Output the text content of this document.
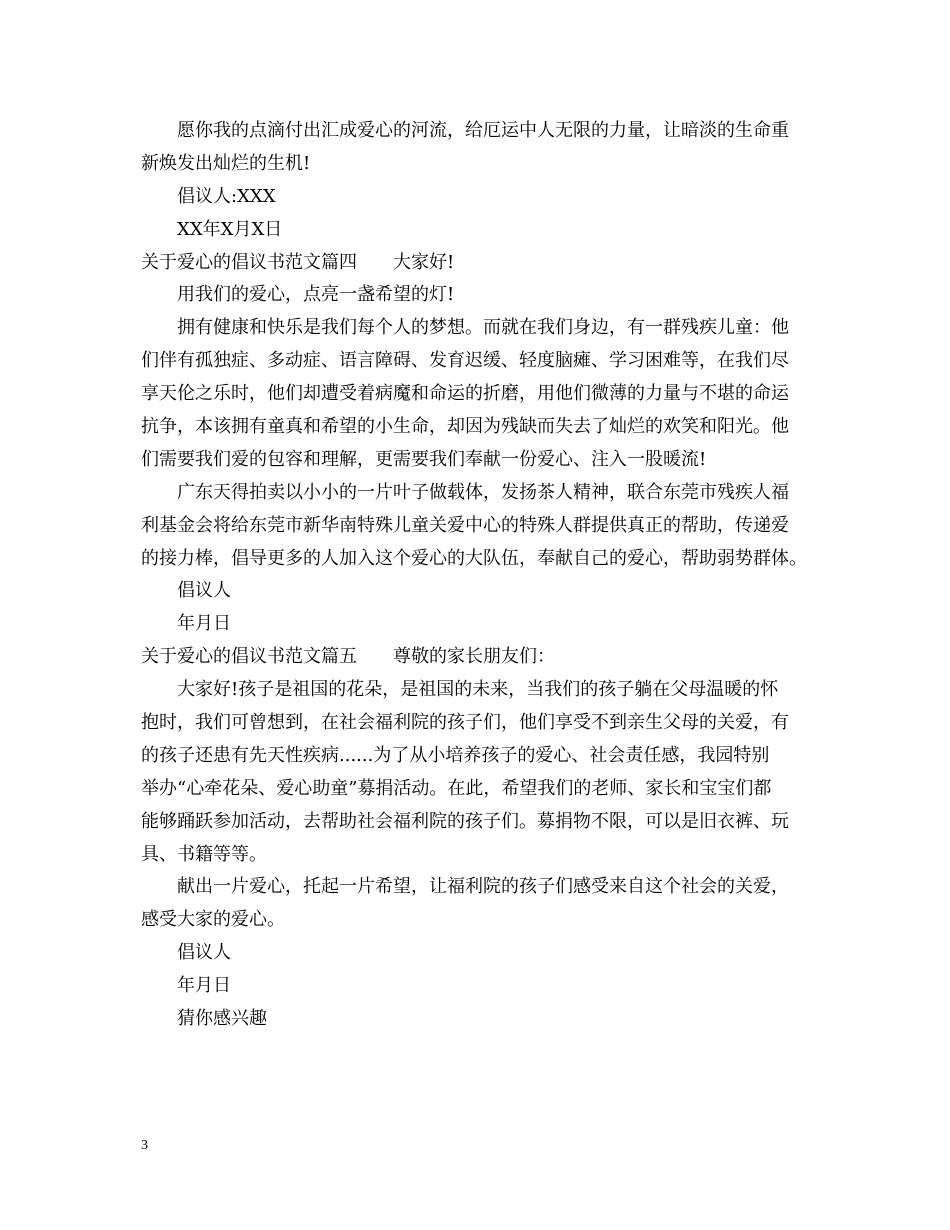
愿你我的点滴付出汇成爱心的河流，给厄运中人无限的力量，让暗淡的生命重
新焕发出灿烂的生机!
倡议人:XXX
XX年X月X日
关于爱心的倡议书范文篇四 大家好!
用我们的爱心，点亮一盏希望的灯!
拥有健康和快乐是我们每个人的梦想。而就在我们身边，有一群残疾儿童：他
们伴有孤独症、多动症、语言障碍、发育迟缓、轻度脑瘫、学习困难等，在我们尽
享天伦之乐时，他们却遭受着病魔和命运的折磨，用他们微薄的力量与不堪的命运
抗争，本该拥有童真和希望的小生命，却因为残缺而失去了灿烂的欢笑和阳光。他
们需要我们爱的包容和理解，更需要我们奉献一份爱心、注入一股暖流!
广东天得拍卖以小小的一片叶子做载体，发扬茶人精神，联合东莞市残疾人福
利基金会将给东莞市新华南特殊儿童关爱中心的特殊人群提供真正的帮助，传递爱
的接力棒，倡导更多的人加入这个爱心的大队伍，奉献自己的爱心，帮助弱势群体。
倡议人
年月日
关于爱心的倡议书范文篇五 尊敬的家长朋友们：
大家好!孩子是祖国的花朵，是祖国的未来，当我们的孩子躺在父母温暖的怀
抱时，我们可曾想到，在社会福利院的孩子们，他们享受不到亲生父母的关爱，有
的孩子还患有先天性疾病......为了从小培养孩子的爱心、社会责任感，我园特别
举办“心牵花朵、爱心助童”募捐活动。在此，希望我们的老师、家长和宝宝们都
能够踊跃参加活动，去帮助社会福利院的孩子们。募捐物不限，可以是旧衣裤、玩
具、书籍等等。
献出一片爱心，托起一片希望，让福利院的孩子们感受来自这个社会的关爱，
感受大家的爱心。
倡议人
年月日
猜你感兴趣
3
